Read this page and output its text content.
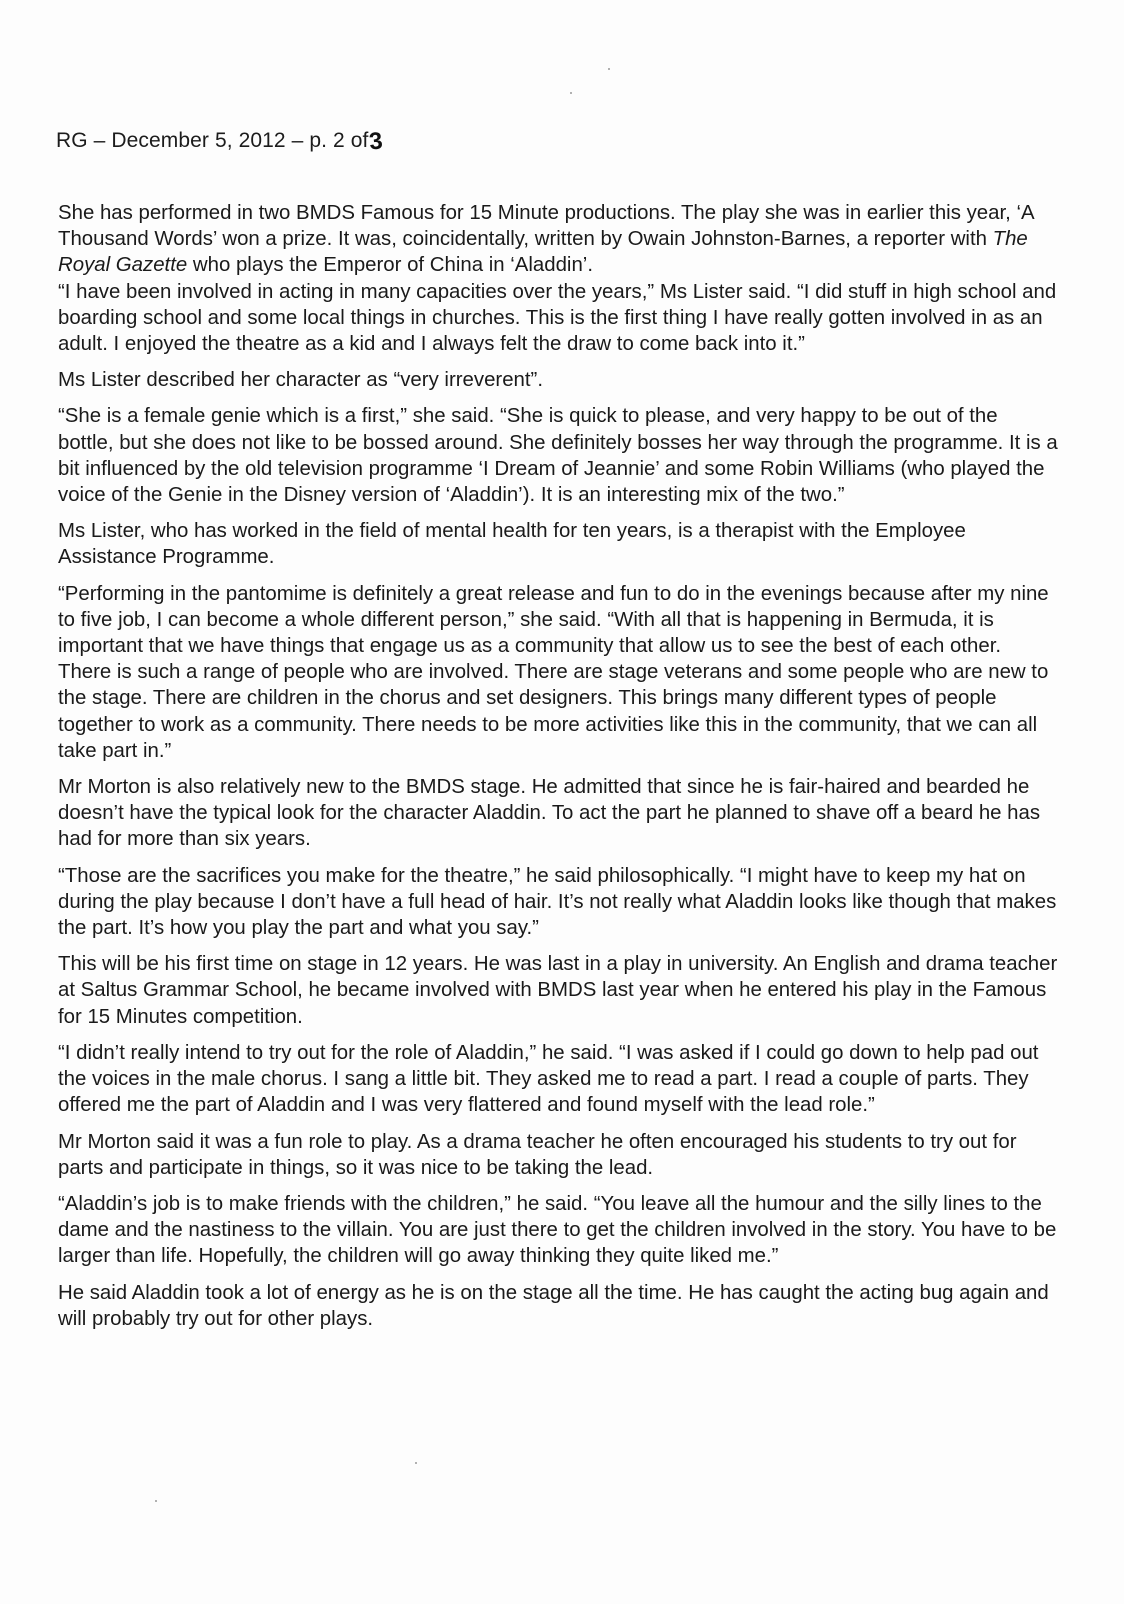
RG – December 5, 2012 – p. 2 of3

She has performed in two BMDS Famous for 15 Minute productions. The play she was in earlier this year, ‘A Thousand Words’ won a prize. It was, coincidentally, written by Owain Johnston-Barnes, a reporter with The Royal Gazette who plays the Emperor of China in ‘Aladdin’.

“I have been involved in acting in many capacities over the years,” Ms Lister said. “I did stuff in high school and boarding school and some local things in churches. This is the first thing I have really gotten involved in as an adult. I enjoyed the theatre as a kid and I always felt the draw to come back into it.”

Ms Lister described her character as “very irreverent”.

“She is a female genie which is a first,” she said. “She is quick to please, and very happy to be out of the bottle, but she does not like to be bossed around. She definitely bosses her way through the programme. It is a bit influenced by the old television programme ‘I Dream of Jeannie’ and some Robin Williams (who played the voice of the Genie in the Disney version of ‘Aladdin’). It is an interesting mix of the two.”

Ms Lister, who has worked in the field of mental health for ten years, is a therapist with the Employee Assistance Programme.

“Performing in the pantomime is definitely a great release and fun to do in the evenings because after my nine to five job, I can become a whole different person,” she said. “With all that is happening in Bermuda, it is important that we have things that engage us as a community that allow us to see the best of each other. There is such a range of people who are involved. There are stage veterans and some people who are new to the stage. There are children in the chorus and set designers. This brings many different types of people together to work as a community. There needs to be more activities like this in the community, that we can all take part in.”

Mr Morton is also relatively new to the BMDS stage. He admitted that since he is fair-haired and bearded he doesn’t have the typical look for the character Aladdin. To act the part he planned to shave off a beard he has had for more than six years.

“Those are the sacrifices you make for the theatre,” he said philosophically. “I might have to keep my hat on during the play because I don’t have a full head of hair. It’s not really what Aladdin looks like though that makes the part. It’s how you play the part and what you say.”

This will be his first time on stage in 12 years. He was last in a play in university. An English and drama teacher at Saltus Grammar School, he became involved with BMDS last year when he entered his play in the Famous for 15 Minutes competition.

“I didn’t really intend to try out for the role of Aladdin,” he said. “I was asked if I could go down to help pad out the voices in the male chorus. I sang a little bit. They asked me to read a part. I read a couple of parts. They offered me the part of Aladdin and I was very flattered and found myself with the lead role.”

Mr Morton said it was a fun role to play. As a drama teacher he often encouraged his students to try out for parts and participate in things, so it was nice to be taking the lead.

“Aladdin’s job is to make friends with the children,” he said. “You leave all the humour and the silly lines to the dame and the nastiness to the villain. You are just there to get the children involved in the story. You have to be larger than life. Hopefully, the children will go away thinking they quite liked me.”

He said Aladdin took a lot of energy as he is on the stage all the time. He has caught the acting bug again and will probably try out for other plays.
